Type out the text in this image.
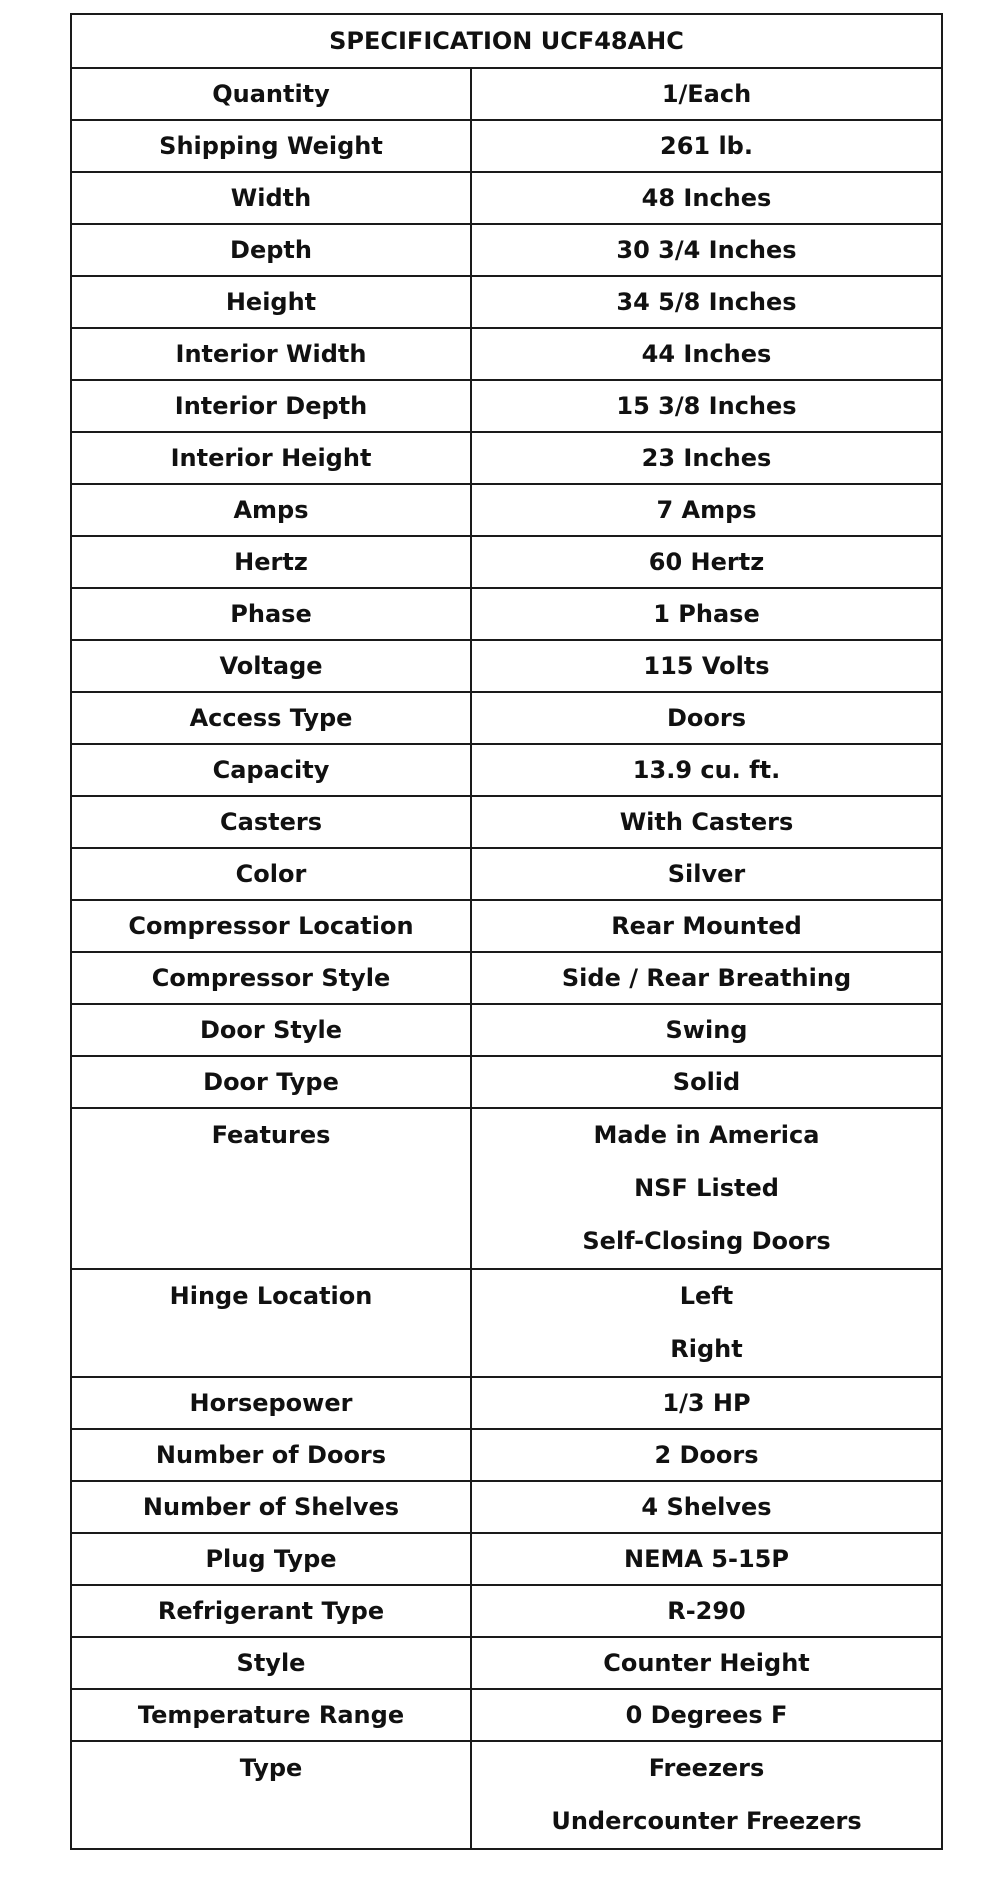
SPECIFICATION UCF48AHC	
Quantity	1/Each
Shipping Weight	261 lb.
Width	48 Inches
Depth	30 3/4 Inches
Height	34 5/8 Inches
Interior Width	44 Inches
Interior Depth	15 3/8 Inches
Interior Height	23 Inches
Amps	7 Amps
Hertz	60 Hertz
Phase	1 Phase
Voltage	115 Volts
Access Type	Doors
Capacity	13.9 cu. ft.
Casters	With Casters
Color	Silver
Compressor Location	Rear Mounted
Compressor Style	Side / Rear Breathing
Door Style	Swing
Door Type	Solid
Features	Made in America
NSF Listed
Self-Closing Doors

Hinge Location	Left
Right

Horsepower	1/3 HP
Number of Doors	2 Doors
Number of Shelves	4 Shelves
Plug Type	NEMA 5-15P
Refrigerant Type	R-290
Style	Counter Height
Temperature Range	0 Degrees F
Type	Freezers
Undercounter Freezers
